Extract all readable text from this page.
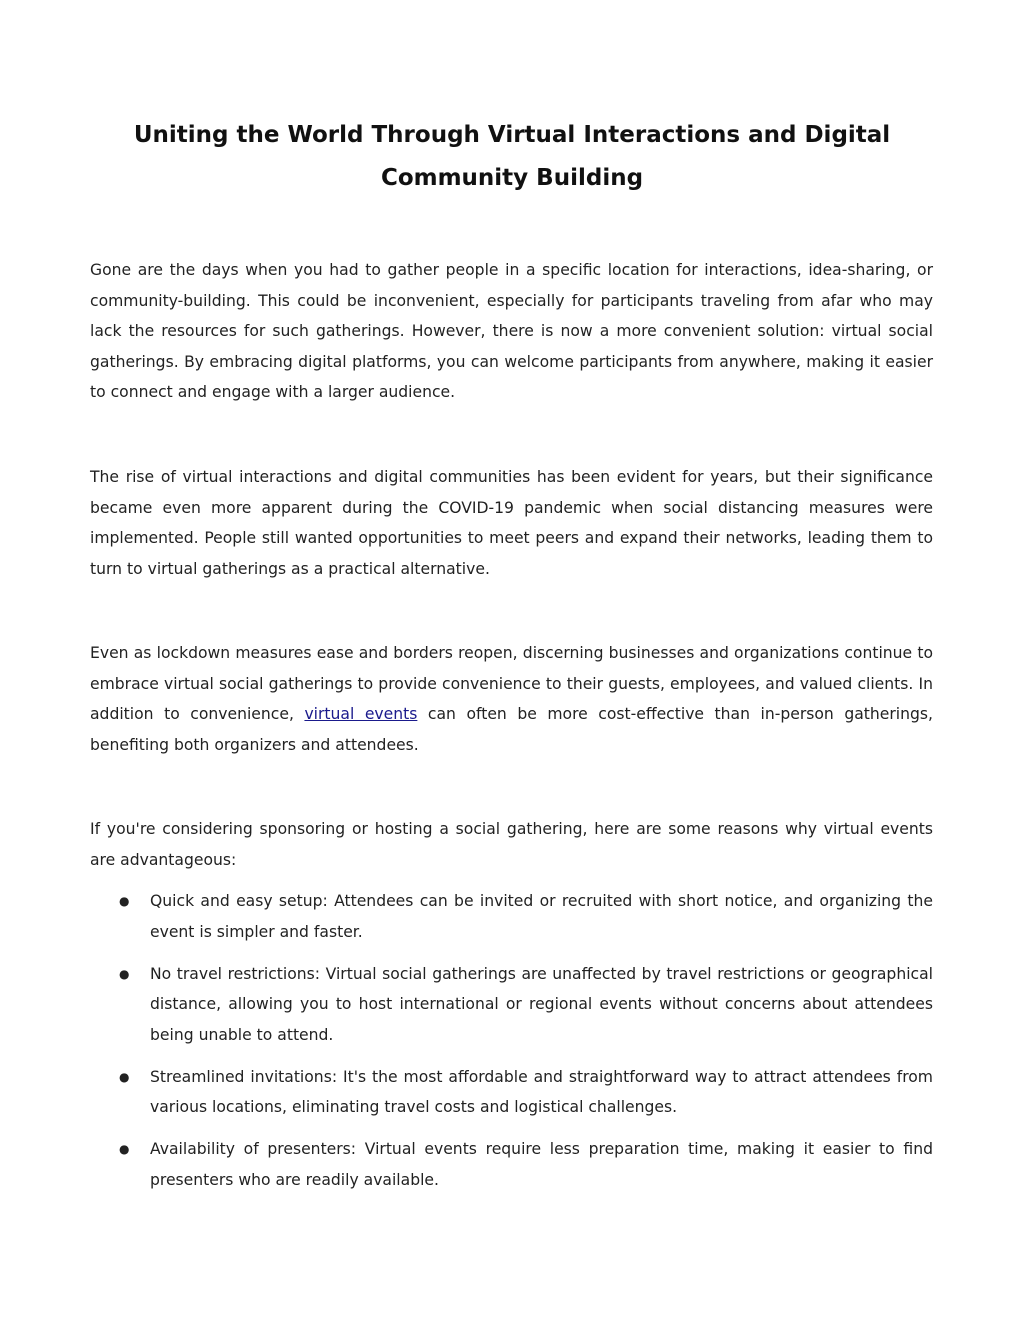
Uniting the World Through Virtual Interactions and Digital Community Building

Gone are the days when you had to gather people in a specific location for interactions, idea-sharing, or community-building. This could be inconvenient, especially for participants traveling from afar who may lack the resources for such gatherings. However, there is now a more convenient solution: virtual social gatherings. By embracing digital platforms, you can welcome participants from anywhere, making it easier to connect and engage with a larger audience.

The rise of virtual interactions and digital communities has been evident for years, but their significance became even more apparent during the COVID-19 pandemic when social distancing measures were implemented. People still wanted opportunities to meet peers and expand their networks, leading them to turn to virtual gatherings as a practical alternative.

Even as lockdown measures ease and borders reopen, discerning businesses and organizations continue to embrace virtual social gatherings to provide convenience to their guests, employees, and valued clients. In addition to convenience, virtual events can often be more cost-effective than in-person gatherings, benefiting both organizers and attendees.

If you're considering sponsoring or hosting a social gathering, here are some reasons why virtual events are advantageous:

● Quick and easy setup: Attendees can be invited or recruited with short notice, and organizing the event is simpler and faster.
● No travel restrictions: Virtual social gatherings are unaffected by travel restrictions or geographical distance, allowing you to host international or regional events without concerns about attendees being unable to attend.
● Streamlined invitations: It's the most affordable and straightforward way to attract attendees from various locations, eliminating travel costs and logistical challenges.
● Availability of presenters: Virtual events require less preparation time, making it easier to find presenters who are readily available.
